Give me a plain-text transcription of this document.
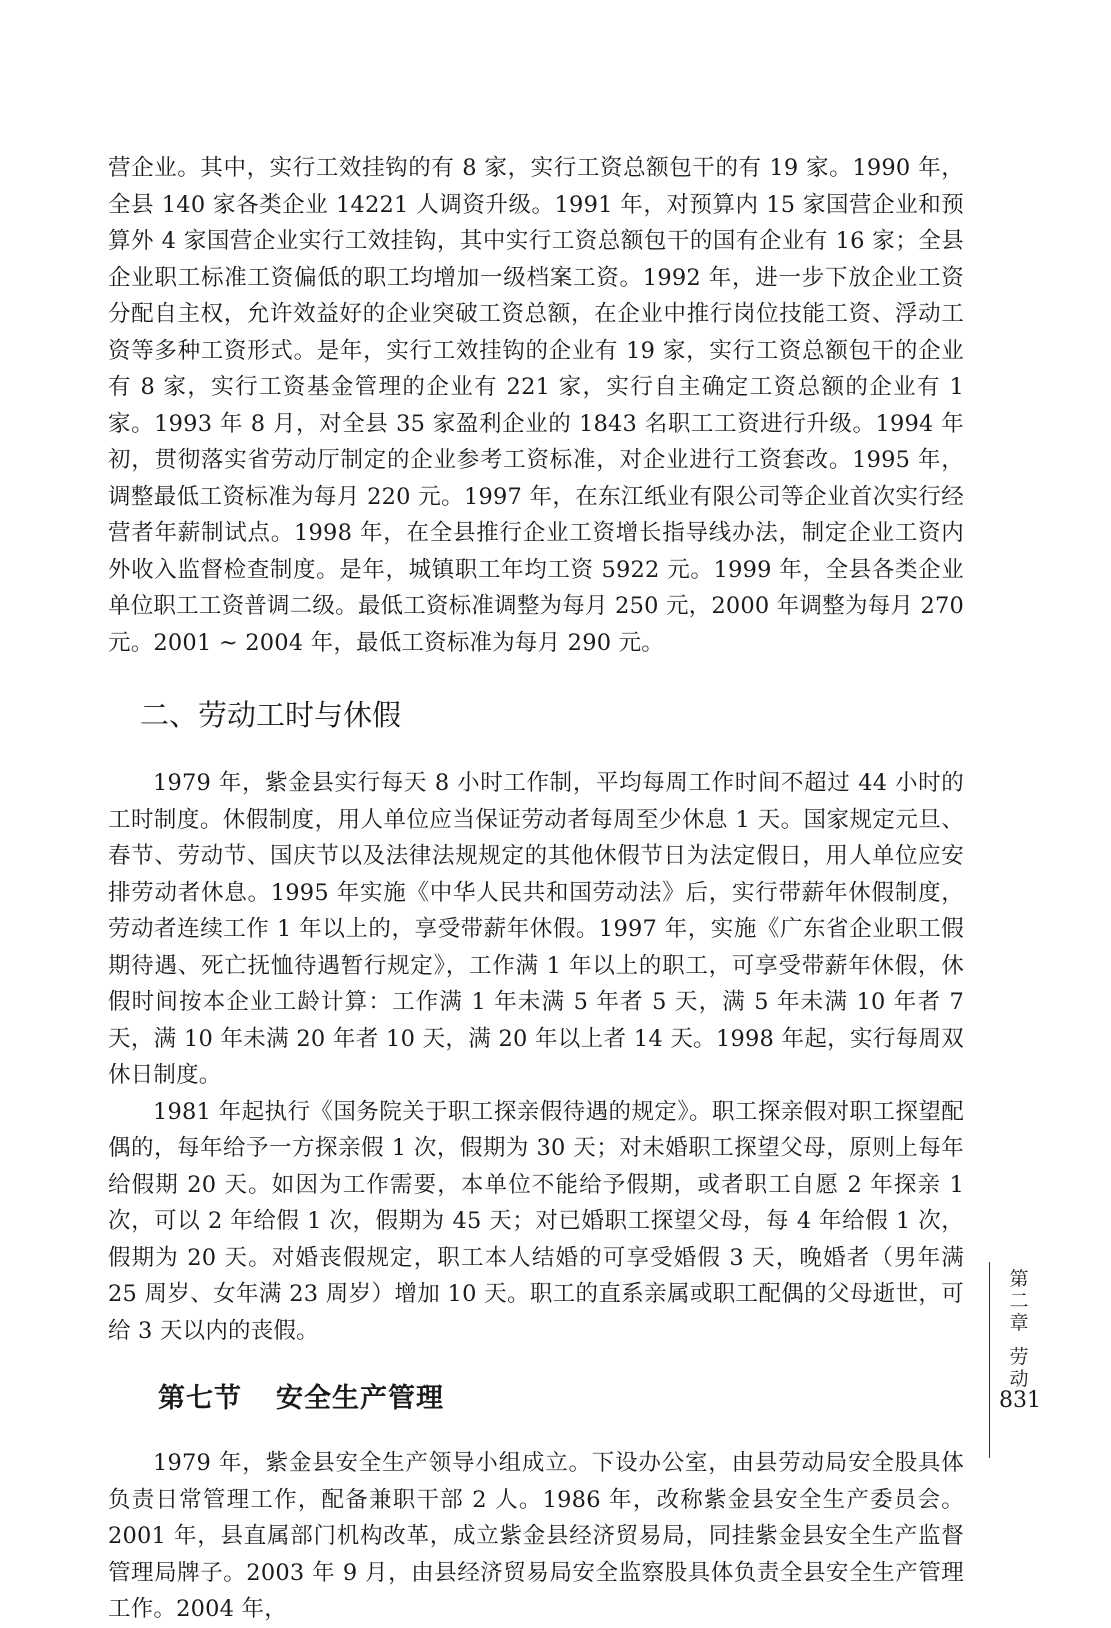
营企业。其中，实行工效挂钩的有 8 家，实行工资总额包干的有 19 家。1990 年，全县 140 家各类企业 14221 人调资升级。1991 年，对预算内 15 家国营企业和预算外 4 家国营企业实行工效挂钩，其中实行工资总额包干的国有企业有 16 家；全县企业职工标准工资偏低的职工均增加一级档案工资。1992 年，进一步下放企业工资分配自主权，允许效益好的企业突破工资总额，在企业中推行岗位技能工资、浮动工资等多种工资形式。是年，实行工效挂钩的企业有 19 家，实行工资总额包干的企业有 8 家，实行工资基金管理的企业有 221 家，实行自主确定工资总额的企业有 1 家。1993 年 8 月，对全县 35 家盈利企业的 1843 名职工工资进行升级。1994 年初，贯彻落实省劳动厅制定的企业参考工资标准，对企业进行工资套改。1995 年，调整最低工资标准为每月 220 元。1997 年，在东江纸业有限公司等企业首次实行经营者年薪制试点。1998 年，在全县推行企业工资增长指导线办法，制定企业工资内外收入监督检查制度。是年，城镇职工年均工资 5922 元。1999 年，全县各类企业单位职工工资普调二级。最低工资标准调整为每月 250 元，2000 年调整为每月 270 元。2001 ~ 2004 年，最低工资标准为每月 290 元。

二、劳动工时与休假

1979 年，紫金县实行每天 8 小时工作制，平均每周工作时间不超过 44 小时的工时制度。休假制度，用人单位应当保证劳动者每周至少休息 1 天。国家规定元旦、春节、劳动节、国庆节以及法律法规规定的其他休假节日为法定假日，用人单位应安排劳动者休息。1995 年实施《中华人民共和国劳动法》后，实行带薪年休假制度，劳动者连续工作 1 年以上的，享受带薪年休假。1997 年，实施《广东省企业职工假期待遇、死亡抚恤待遇暂行规定》，工作满 1 年以上的职工，可享受带薪年休假，休假时间按本企业工龄计算：工作满 1 年未满 5 年者 5 天，满 5 年未满 10 年者 7 天，满 10 年未满 20 年者 10 天，满 20 年以上者 14 天。1998 年起，实行每周双休日制度。

1981 年起执行《国务院关于职工探亲假待遇的规定》。职工探亲假对职工探望配偶的，每年给予一方探亲假 1 次，假期为 30 天；对未婚职工探望父母，原则上每年给假期 20 天。如因为工作需要，本单位不能给予假期，或者职工自愿 2 年探亲 1 次，可以 2 年给假 1 次，假期为 45 天；对已婚职工探望父母，每 4 年给假 1 次，假期为 20 天。对婚丧假规定，职工本人结婚的可享受婚假 3 天，晚婚者（男年满 25 周岁、女年满 23 周岁）增加 10 天。职工的直系亲属或职工配偶的父母逝世，可给 3 天以内的丧假。

第七节 安全生产管理

1979 年，紫金县安全生产领导小组成立。下设办公室，由县劳动局安全股具体负责日常管理工作，配备兼职干部 2 人。1986 年，改称紫金县安全生产委员会。2001 年，县直属部门机构改革，成立紫金县经济贸易局，同挂紫金县安全生产监督管理局牌子。2003 年 9 月，由县经济贸易局安全监察股具体负责全县安全生产管理工作。2004 年，

第
二
章
劳
动
831
